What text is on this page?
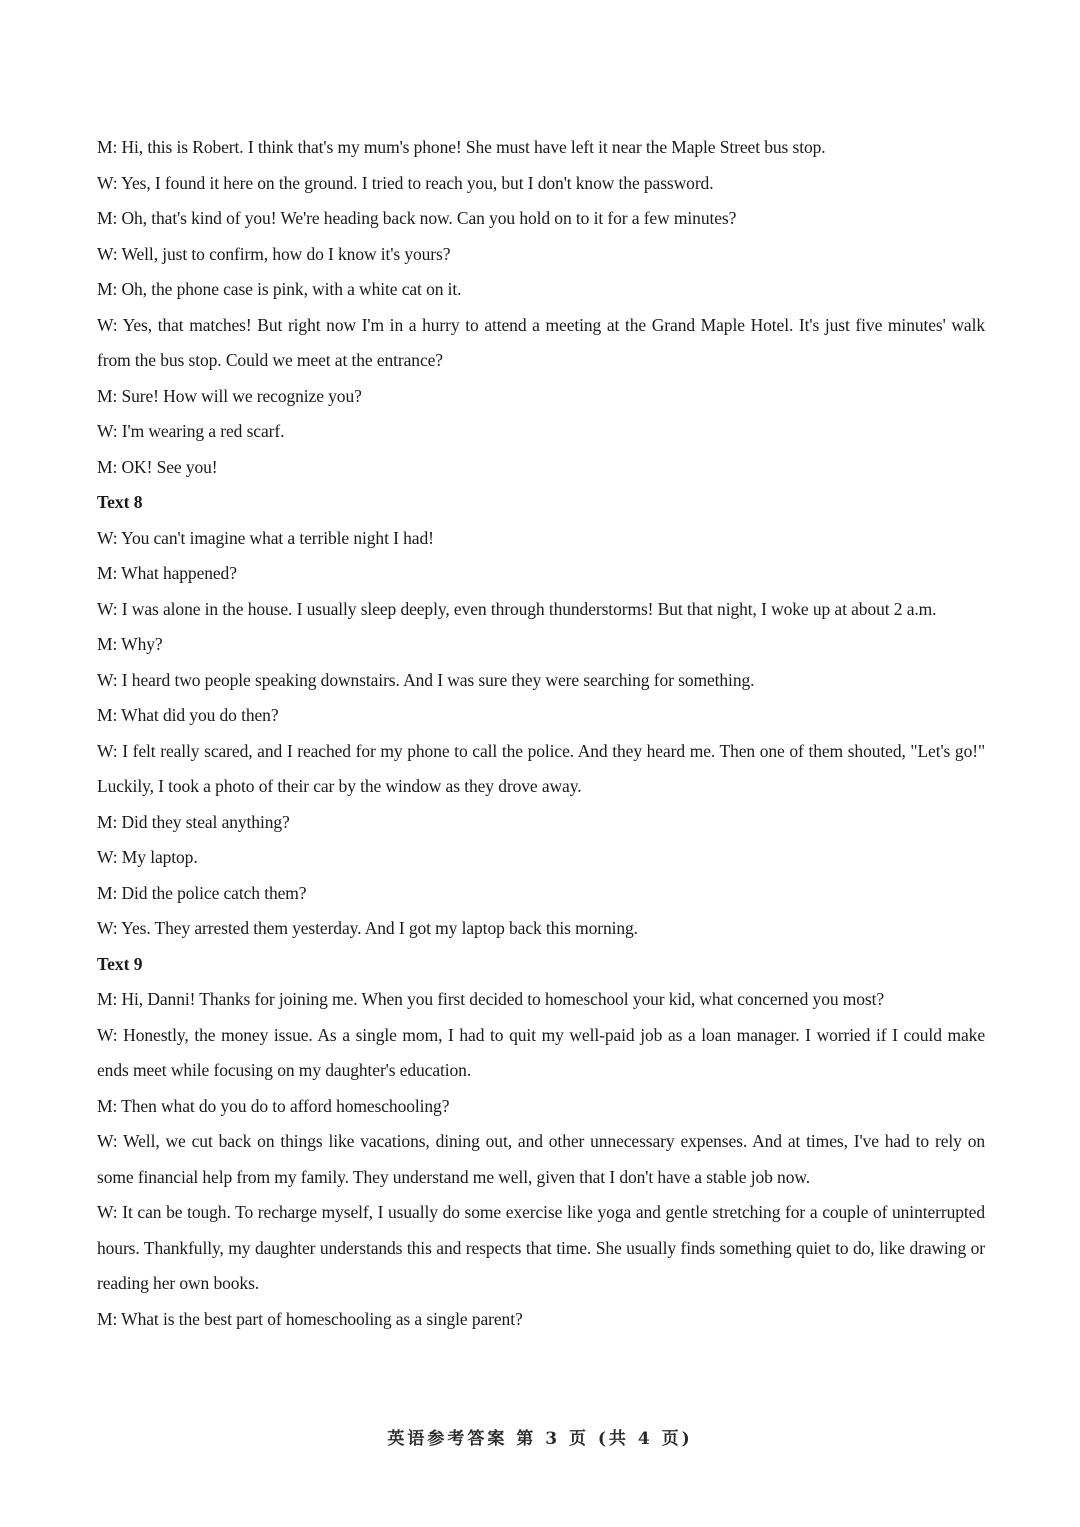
M: Hi, this is Robert. I think that's my mum's phone! She must have left it near the Maple Street bus stop.

W: Yes, I found it here on the ground. I tried to reach you, but I don't know the password.

M: Oh, that's kind of you! We're heading back now. Can you hold on to it for a few minutes?

W: Well, just to confirm, how do I know it's yours?

M: Oh, the phone case is pink, with a white cat on it.

W: Yes, that matches! But right now I'm in a hurry to attend a meeting at the Grand Maple Hotel. It's just five minutes' walk from the bus stop. Could we meet at the entrance?

M: Sure! How will we recognize you?

W: I'm wearing a red scarf.

M: OK! See you!

Text 8

W: You can't imagine what a terrible night I had!

M: What happened?

W: I was alone in the house. I usually sleep deeply, even through thunderstorms! But that night, I woke up at about 2 a.m.

M: Why?

W: I heard two people speaking downstairs. And I was sure they were searching for something.

M: What did you do then?

W: I felt really scared, and I reached for my phone to call the police. And they heard me. Then one of them shouted, "Let's go!" Luckily, I took a photo of their car by the window as they drove away.

M: Did they steal anything?

W: My laptop.

M: Did the police catch them?

W: Yes. They arrested them yesterday. And I got my laptop back this morning.

Text 9

M: Hi, Danni! Thanks for joining me. When you first decided to homeschool your kid, what concerned you most?

W: Honestly, the money issue. As a single mom, I had to quit my well-paid job as a loan manager. I worried if I could make ends meet while focusing on my daughter's education.

M: Then what do you do to afford homeschooling?

W: Well, we cut back on things like vacations, dining out, and other unnecessary expenses. And at times, I've had to rely on some financial help from my family. They understand me well, given that I don't have a stable job now.

W: It can be tough. To recharge myself, I usually do some exercise like yoga and gentle stretching for a couple of uninterrupted hours. Thankfully, my daughter understands this and respects that time. She usually finds something quiet to do, like drawing or reading her own books.

M: What is the best part of homeschooling as a single parent?

英语参考答案 第 3 页 (共 4 页)
